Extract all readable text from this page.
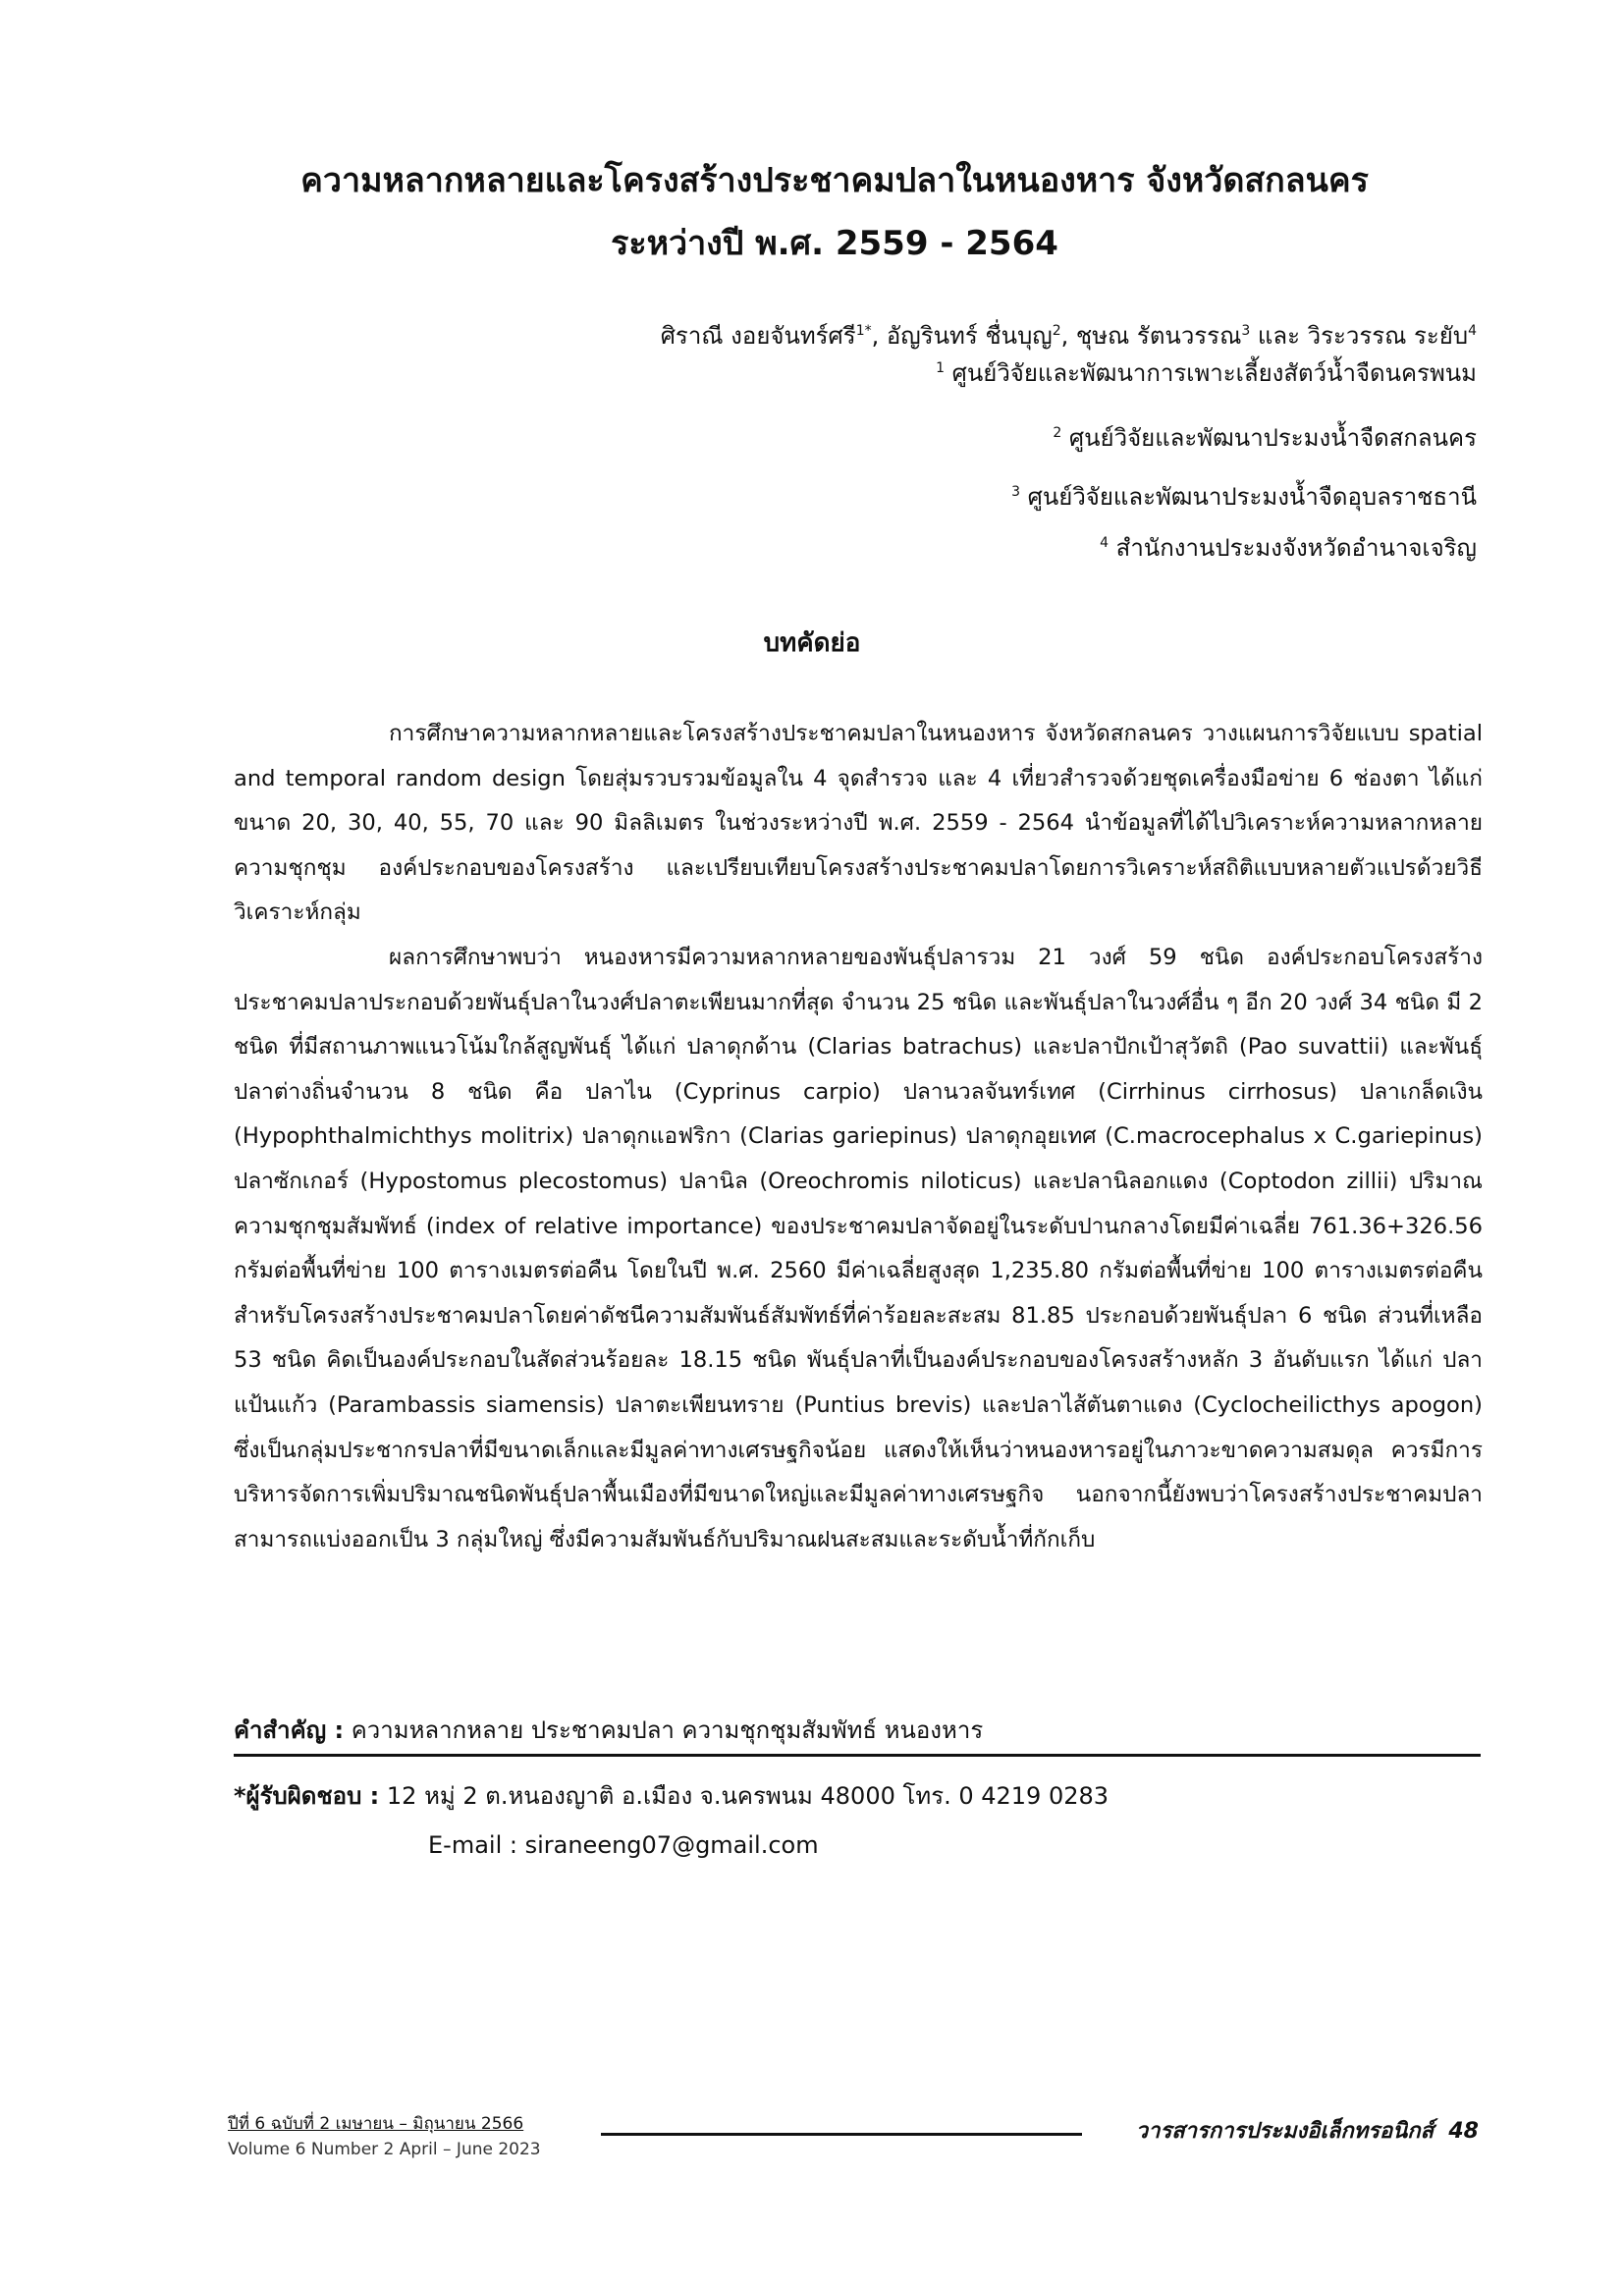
ความหลากหลายและโครงสร้างประชาคมปลาในหนองหาร จังหวัดสกลนคร
ระหว่างปี พ.ศ. 2559 - 2564
ศิราณี งอยจันทร์ศรี$^{1*}$, อัญรินทร์ ชื่นบุญ$^2$, ชุษณ รัตนวรรณ$^3$ และ วิระวรรณ ระยับ$^4$
$^1$ ศูนย์วิจัยและพัฒนาการเพาะเลี้ยงสัตว์น้ำจืดนครพนม
$^2$ ศูนย์วิจัยและพัฒนาประมงน้ำจืดสกลนคร
$^3$ ศูนย์วิจัยและพัฒนาประมงน้ำจืดอุบลราชธานี
$^4$ สำนักงานประมงจังหวัดอำนาจเจริญ
บทคัดย่อ

การศึกษาความหลากหลายและโครงสร้างประชาคมปลาในหนองหาร จังหวัดสกลนคร วางแผนการวิจัยแบบ spatial and temporal random design โดยสุ่มรวบรวมข้อมูลใน 4 จุดสำรวจ และ 4 เที่ยวสำรวจด้วยชุดเครื่องมือข่าย 6 ช่องตา ได้แก่ ขนาด 20, 30, 40, 55, 70 และ 90 มิลลิเมตร ในช่วงระหว่างปี พ.ศ. 2559 - 2564 นำข้อมูลที่ได้ไปวิเคราะห์ความหลากหลาย ความชุกชุม องค์ประกอบของโครงสร้าง และเปรียบเทียบโครงสร้างประชาคมปลาโดยการวิเคราะห์สถิติแบบหลายตัวแปรด้วยวิธีวิเคราะห์กลุ่ม

ผลการศึกษาพบว่า หนองหารมีความหลากหลายของพันธุ์ปลารวม 21 วงศ์ 59 ชนิด องค์ประกอบโครงสร้างประชาคมปลาประกอบด้วยพันธุ์ปลาในวงศ์ปลาตะเพียนมากที่สุด จำนวน 25 ชนิด และพันธุ์ปลาในวงศ์อื่น ๆ อีก 20 วงศ์ 34 ชนิด มี 2 ชนิด ที่มีสถานภาพแนวโน้มใกล้สูญพันธุ์ ได้แก่ ปลาดุกด้าน (Clarias batrachus) และปลาปักเป้าสุวัตถิ (Pao suvattii) และพันธุ์ปลาต่างถิ่นจำนวน 8 ชนิด คือ ปลาไน (Cyprinus carpio) ปลานวลจันทร์เทศ (Cirrhinus cirrhosus) ปลาเกล็ดเงิน (Hypophthalmichthys molitrix) ปลาดุกแอฟริกา (Clarias gariepinus) ปลาดุกอุยเทศ (C.macrocephalus x C.gariepinus) ปลาซักเกอร์ (Hypostomus plecostomus) ปลานิล (Oreochromis niloticus) และปลานิลอกแดง (Coptodon zillii) ปริมาณความชุกชุมสัมพัทธ์ (index of relative importance) ของประชาคมปลาจัดอยู่ในระดับปานกลางโดยมีค่าเฉลี่ย 761.36+326.56 กรัมต่อพื้นที่ข่าย 100 ตารางเมตรต่อคืน โดยในปี พ.ศ. 2560 มีค่าเฉลี่ยสูงสุด 1,235.80 กรัมต่อพื้นที่ข่าย 100 ตารางเมตรต่อคืน สำหรับโครงสร้างประชาคมปลาโดยค่าดัชนีความสัมพันธ์สัมพัทธ์ที่ค่าร้อยละสะสม 81.85 ประกอบด้วยพันธุ์ปลา 6 ชนิด ส่วนที่เหลือ 53 ชนิด คิดเป็นองค์ประกอบในสัดส่วนร้อยละ 18.15 ชนิด พันธุ์ปลาที่เป็นองค์ประกอบของโครงสร้างหลัก 3 อันดับแรก ได้แก่ ปลาแป้นแก้ว (Parambassis siamensis) ปลาตะเพียนทราย (Puntius brevis) และปลาไส้ตันตาแดง (Cyclocheilicthys apogon) ซึ่งเป็นกลุ่มประชากรปลาที่มีขนาดเล็กและมีมูลค่าทางเศรษฐกิจน้อย แสดงให้เห็นว่าหนองหารอยู่ในภาวะขาดความสมดุล ควรมีการบริหารจัดการเพิ่มปริมาณชนิดพันธุ์ปลาพื้นเมืองที่มีขนาดใหญ่และมีมูลค่าทางเศรษฐกิจ นอกจากนี้ยังพบว่าโครงสร้างประชาคมปลาสามารถแบ่งออกเป็น 3 กลุ่มใหญ่ ซึ่งมีความสัมพันธ์กับปริมาณฝนสะสมและระดับน้ำที่กักเก็บ

คำสำคัญ : ความหลากหลาย ประชาคมปลา ความชุกชุมสัมพัทธ์ หนองหาร
*ผู้รับผิดชอบ : 12 หมู่ 2 ต.หนองญาติ อ.เมือง จ.นครพนม 48000 โทร. 0 4219 0283
E-mail : siraneeng07@gmail.com
ปีที่ 6 ฉบับที่ 2 เมษายน – มิถุนายน 2566
Volume 6 Number 2 April – June 2023
วารสารการประมงอิเล็กทรอนิกส์ 48
